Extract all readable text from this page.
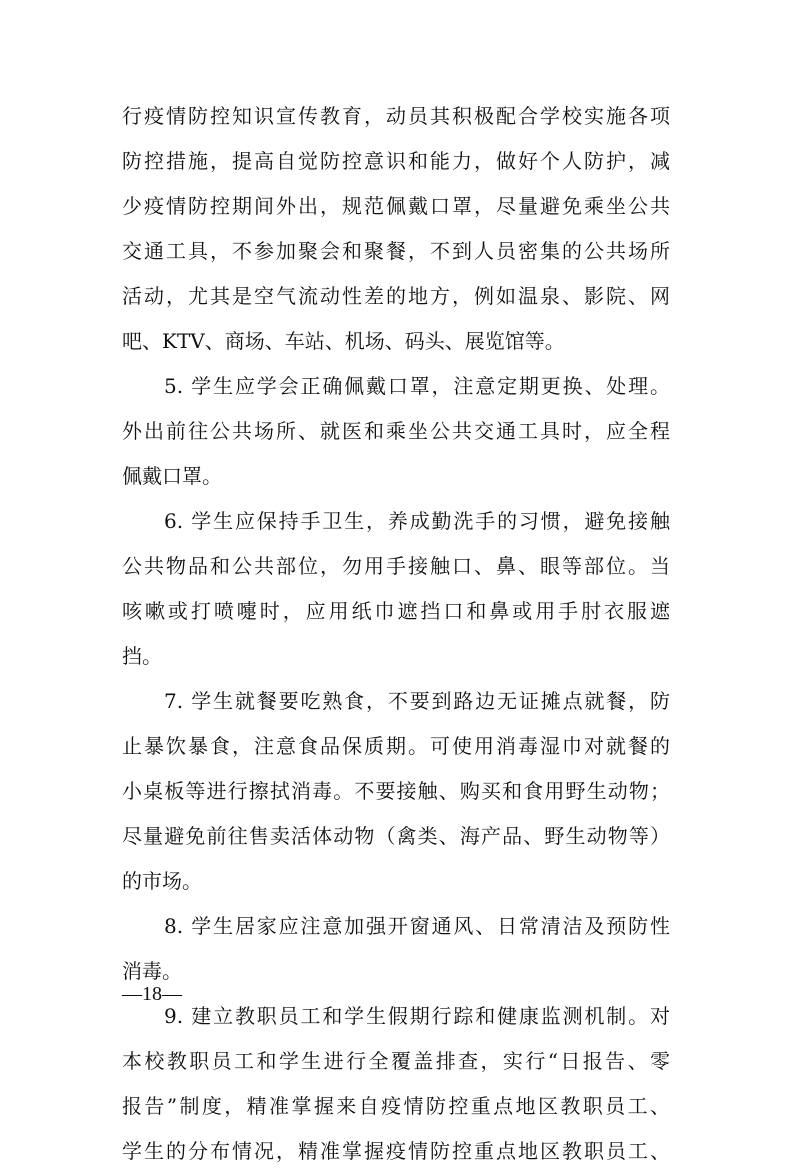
行疫情防控知识宣传教育，动员其积极配合学校实施各项
防控措施，提高自觉防控意识和能力，做好个人防护，减
少疫情防控期间外出，规范佩戴口罩，尽量避免乘坐公共
交通工具，不参加聚会和聚餐，不到人员密集的公共场所
活动，尤其是空气流动性差的地方，例如温泉、影院、网
吧、KTV、商场、车站、机场、码头、展览馆等。
5. 学生应学会正确佩戴口罩，注意定期更换、处理。
外出前往公共场所、就医和乘坐公共交通工具时，应全程
佩戴口罩。
6. 学生应保持手卫生，养成勤洗手的习惯，避免接触
公共物品和公共部位，勿用手接触口、鼻、眼等部位。当
咳嗽或打喷嚏时，应用纸巾遮挡口和鼻或用手肘衣服遮
挡。
7. 学生就餐要吃熟食，不要到路边无证摊点就餐，防
止暴饮暴食，注意食品保质期。可使用消毒湿巾对就餐的
小桌板等进行擦拭消毒。不要接触、购买和食用野生动物；
尽量避免前往售卖活体动物（禽类、海产品、野生动物等）
的市场。
8. 学生居家应注意加强开窗通风、日常清洁及预防性
消毒。
9. 建立教职员工和学生假期行踪和健康监测机制。对
本校教职员工和学生进行全覆盖排查，实行“日报告、零
报告”制度，精准掌握来自疫情防控重点地区教职员工、
学生的分布情况，精准掌握疫情防控重点地区教职员工、
—18—
